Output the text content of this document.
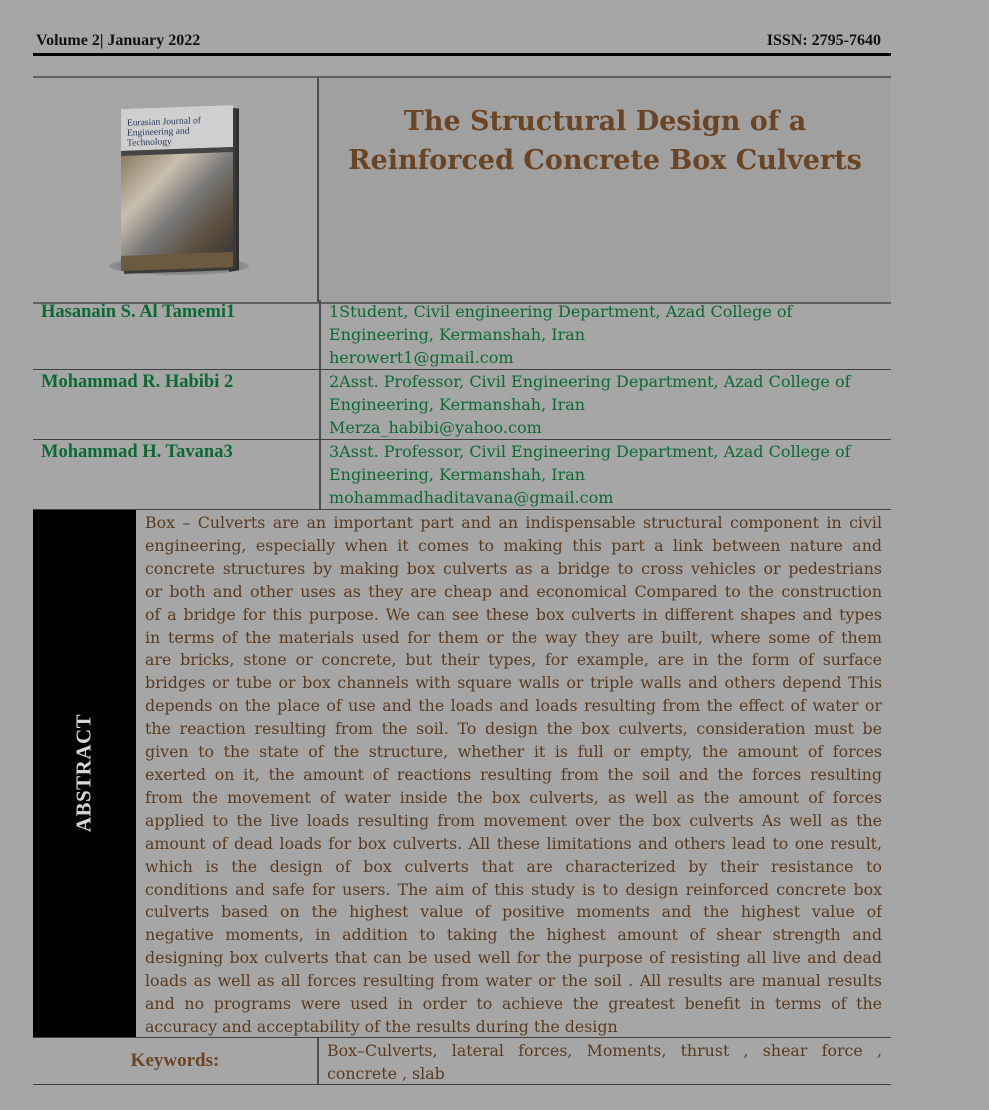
Volume 2| January 2022	ISSN: 2795-7640

Eurasian Journal of
Engineering and
Technology
The Structural Design of a
Reinforced Concrete Box Culverts
Hasanain S. Al Tamemi1	1Student, Civil engineering Department, Azad College of
Engineering, Kermanshah, Iran
herowert1@gmail.com
Mohammad R. Habibi 2	2Asst. Professor, Civil Engineering Department, Azad College of
Engineering, Kermanshah, Iran
Merza_habibi@yahoo.com
Mohammad H. Tavana3	3Asst. Professor, Civil Engineering Department, Azad College of
Engineering, Kermanshah, Iran
mohammadhaditavana@gmail.com
ABSTRACT
Box – Culverts are an important part and an indispensable structural component in civil
engineering, especially when it comes to making this part a link between nature and
concrete structures by making box culverts as a bridge to cross vehicles or pedestrians
or both and other uses as they are cheap and economical Compared to the construction
of a bridge for this purpose. We can see these box culverts in different shapes and types
in terms of the materials used for them or the way they are built, where some of them
are bricks, stone or concrete, but their types, for example, are in the form of surface
bridges or tube or box channels with square walls or triple walls and others depend This
depends on the place of use and the loads and loads resulting from the effect of water or
the reaction resulting from the soil. To design the box culverts, consideration must be
given to the state of the structure, whether it is full or empty, the amount of forces
exerted on it, the amount of reactions resulting from the soil and the forces resulting
from the movement of water inside the box culverts, as well as the amount of forces
applied to the live loads resulting from movement over the box culverts As well as the
amount of dead loads for box culverts. All these limitations and others lead to one result,
which is the design of box culverts that are characterized by their resistance to
conditions and safe for users. The aim of this study is to design reinforced concrete box
culverts based on the highest value of positive moments and the highest value of
negative moments, in addition to taking the highest amount of shear strength and
designing box culverts that can be used well for the purpose of resisting all live and dead
loads as well as all forces resulting from water or the soil . All results are manual results
and no programs were used in order to achieve the greatest benefit in terms of the
accuracy and acceptability of the results during the design
Keywords:	Box–Culverts, lateral forces, Moments, thrust , shear force ,
concrete , slab
